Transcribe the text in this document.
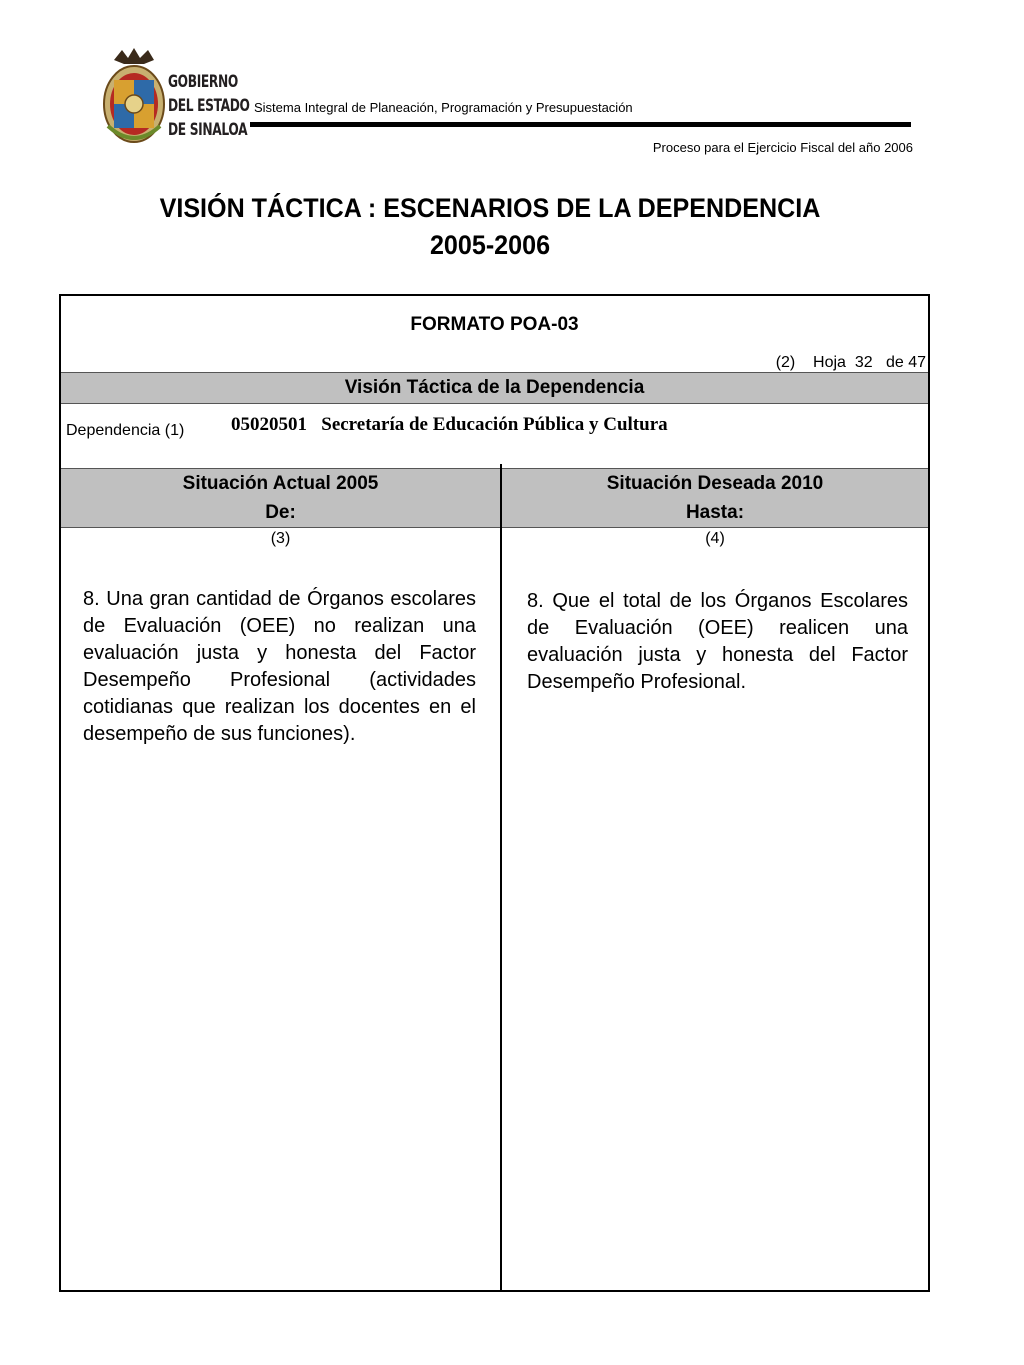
GOBIERNO
DEL ESTADO
DE SINALOA
Sistema Integral de Planeación, Programación y Presupuestación
Proceso para el Ejercicio Fiscal del año 2006
VISIÓN TÁCTICA : ESCENARIOS DE LA DEPENDENCIA
2005-2006
FORMATO POA-03
(2)    Hoja  32   de 47
Visión Táctica de la Dependencia
Dependencia (1) 05020501   Secretaría de Educación Pública y Cultura
Situación Actual 2005
De:
Situación Deseada 2010
Hasta:
(3)	(4)
8. Una gran cantidad de Órganos escolares de Evaluación (OEE) no realizan una evaluación justa y honesta del Factor Desempeño Profesional (actividades cotidianas que realizan los docentes en el desempeño de sus funciones).
8. Que el total de los Órganos Escolares de Evaluación (OEE) realicen una evaluación justa y honesta del Factor Desempeño Profesional.
